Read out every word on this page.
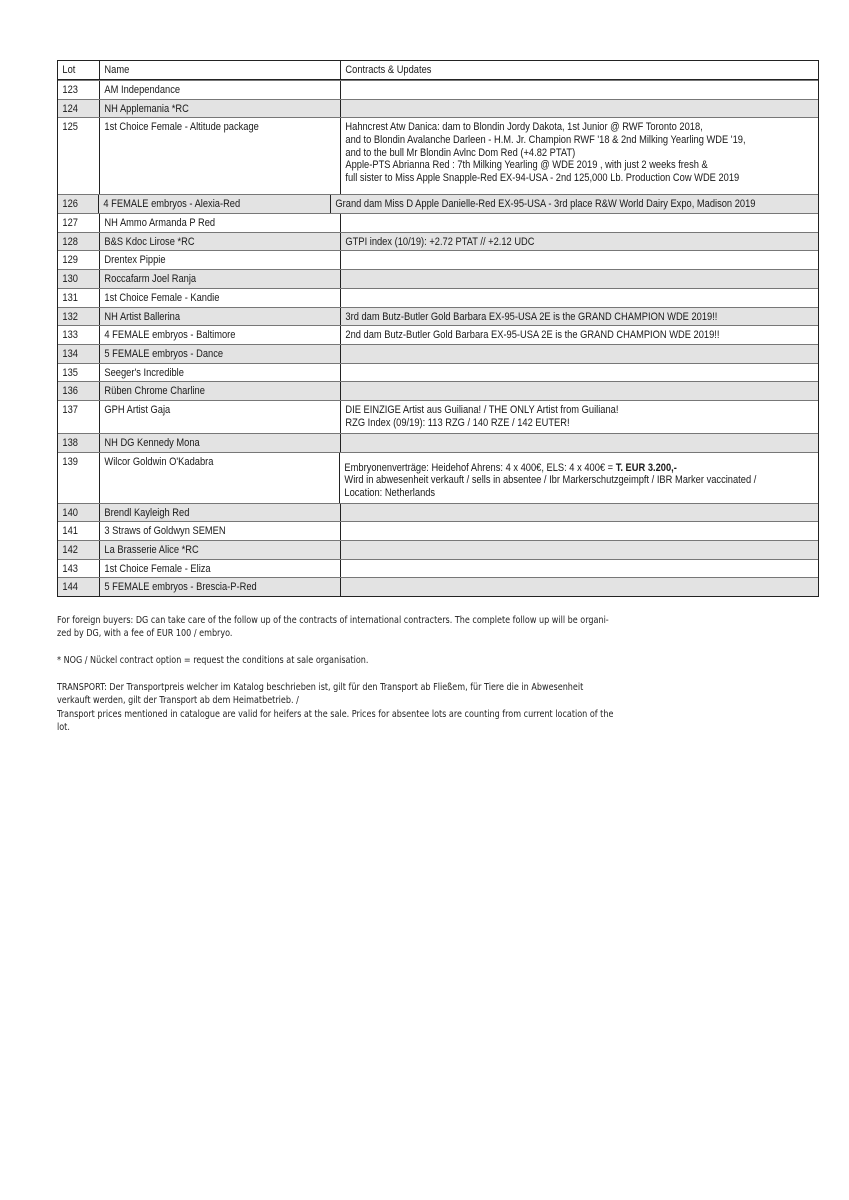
Lot	Name	Contracts & Updates
123	AM Independance
124	NH Applemania *RC
125	1st Choice Female - Altitude package	Hahncrest Atw Danica: dam to Blondin Jordy Dakota, 1st Junior @ RWF Toronto 2018,
and to Blondin Avalanche Darleen - H.M. Jr. Champion RWF '18 & 2nd Milking Yearling WDE '19,
and to the bull Mr Blondin Avlnc Dom Red (+4.82 PTAT)
Apple-PTS Abrianna Red : 7th Milking Yearling @ WDE 2019 , with just 2 weeks fresh &
full sister to Miss Apple Snapple-Red EX-94-USA - 2nd 125,000 Lb. Production Cow WDE 2019
126	4 FEMALE embryos - Alexia-Red	Grand dam Miss D Apple Danielle-Red EX-95-USA - 3rd place R&W World Dairy Expo, Madison 2019
127	NH Ammo Armanda P Red
128	B&S Kdoc Lirose *RC	GTPI index (10/19): +2.72 PTAT // +2.12 UDC
129	Drentex Pippie
130	Roccafarm Joel Ranja
131	1st Choice Female - Kandie
132	NH Artist Ballerina	3rd dam Butz-Butler Gold Barbara EX-95-USA 2E is the GRAND CHAMPION WDE 2019!!
133	4 FEMALE embryos - Baltimore	2nd dam Butz-Butler Gold Barbara EX-95-USA 2E is the GRAND CHAMPION WDE 2019!!
134	5 FEMALE embryos - Dance
135	Seeger's Incredible
136	Rüben Chrome Charline
137	GPH Artist Gaja	DIE EINZIGE Artist aus Guiliana! / THE ONLY Artist from Guiliana!
RZG Index (09/19): 113 RZG / 140 RZE / 142 EUTER!
138	NH DG Kennedy Mona
139	Wilcor Goldwin O'Kadabra	Embryonenverträge: Heidehof Ahrens: 4 x 400€, ELS: 4 x 400€ = T. EUR 3.200,-
Wird in abwesenheit verkauft / sells in absentee / Ibr Markerschutzgeimpft / IBR Marker vaccinated /
Location: Netherlands
140	Brendl Kayleigh Red
141	3 Straws of Goldwyn SEMEN
142	La Brasserie Alice *RC
143	1st Choice Female - Eliza
144	5 FEMALE embryos - Brescia-P-Red

For foreign buyers: DG can take care of the follow up of the contracts of international contracters. The complete follow up will be organi-
zed by DG, with a fee of EUR 100 / embryo.

* NOG / Nückel contract option = request the conditions at sale organisation.

TRANSPORT: Der Transportpreis welcher im Katalog beschrieben ist, gilt für den Transport ab Fließem, für Tiere die in Abwesenheit
verkauft werden, gilt der Transport ab dem Heimatbetrieb. /
Transport prices mentioned in catalogue are valid for heifers at the sale. Prices for absentee lots are counting from current location of the
lot.
